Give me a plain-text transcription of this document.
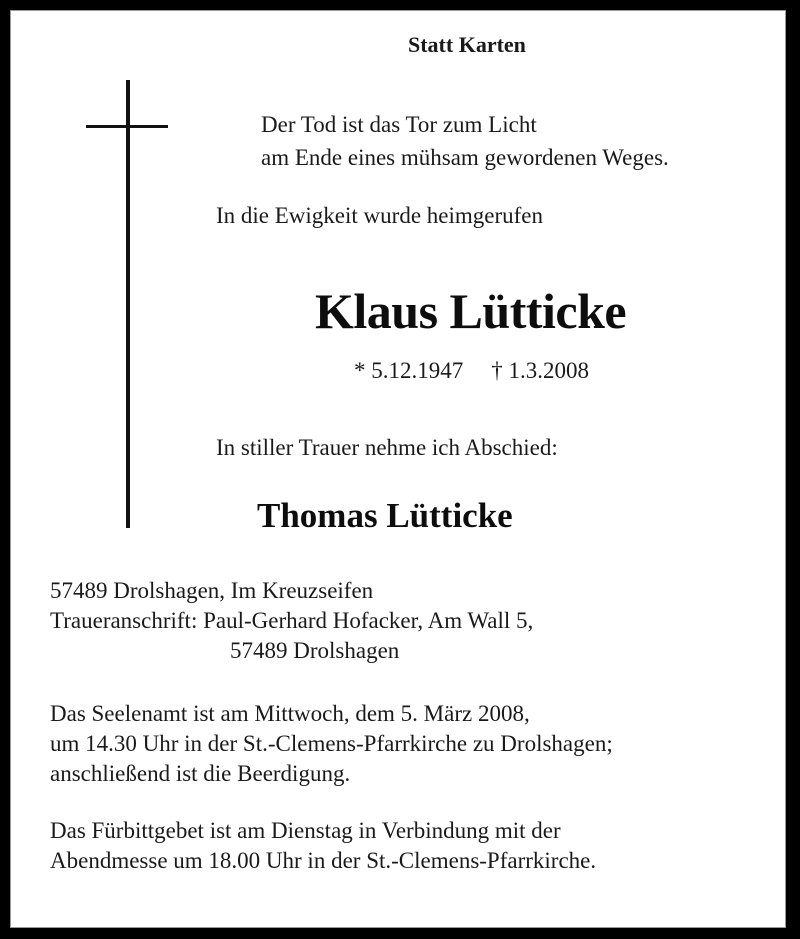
Statt Karten
Der Tod ist das Tor zum Licht
am Ende eines mühsam gewordenen Weges.
In die Ewigkeit wurde heimgerufen
Klaus Lütticke
* 5.12.1947 † 1.3.2008
In stiller Trauer nehme ich Abschied:
Thomas Lütticke
57489 Drolshagen, Im Kreuzseifen
Traueranschrift: Paul-Gerhard Hofacker, Am Wall 5,
57489 Drolshagen
Das Seelenamt ist am Mittwoch, dem 5. März 2008,
um 14.30 Uhr in der St.-Clemens-Pfarrkirche zu Drolshagen;
anschließend ist die Beerdigung.
Das Fürbittgebet ist am Dienstag in Verbindung mit der
Abendmesse um 18.00 Uhr in der St.-Clemens-Pfarrkirche.
